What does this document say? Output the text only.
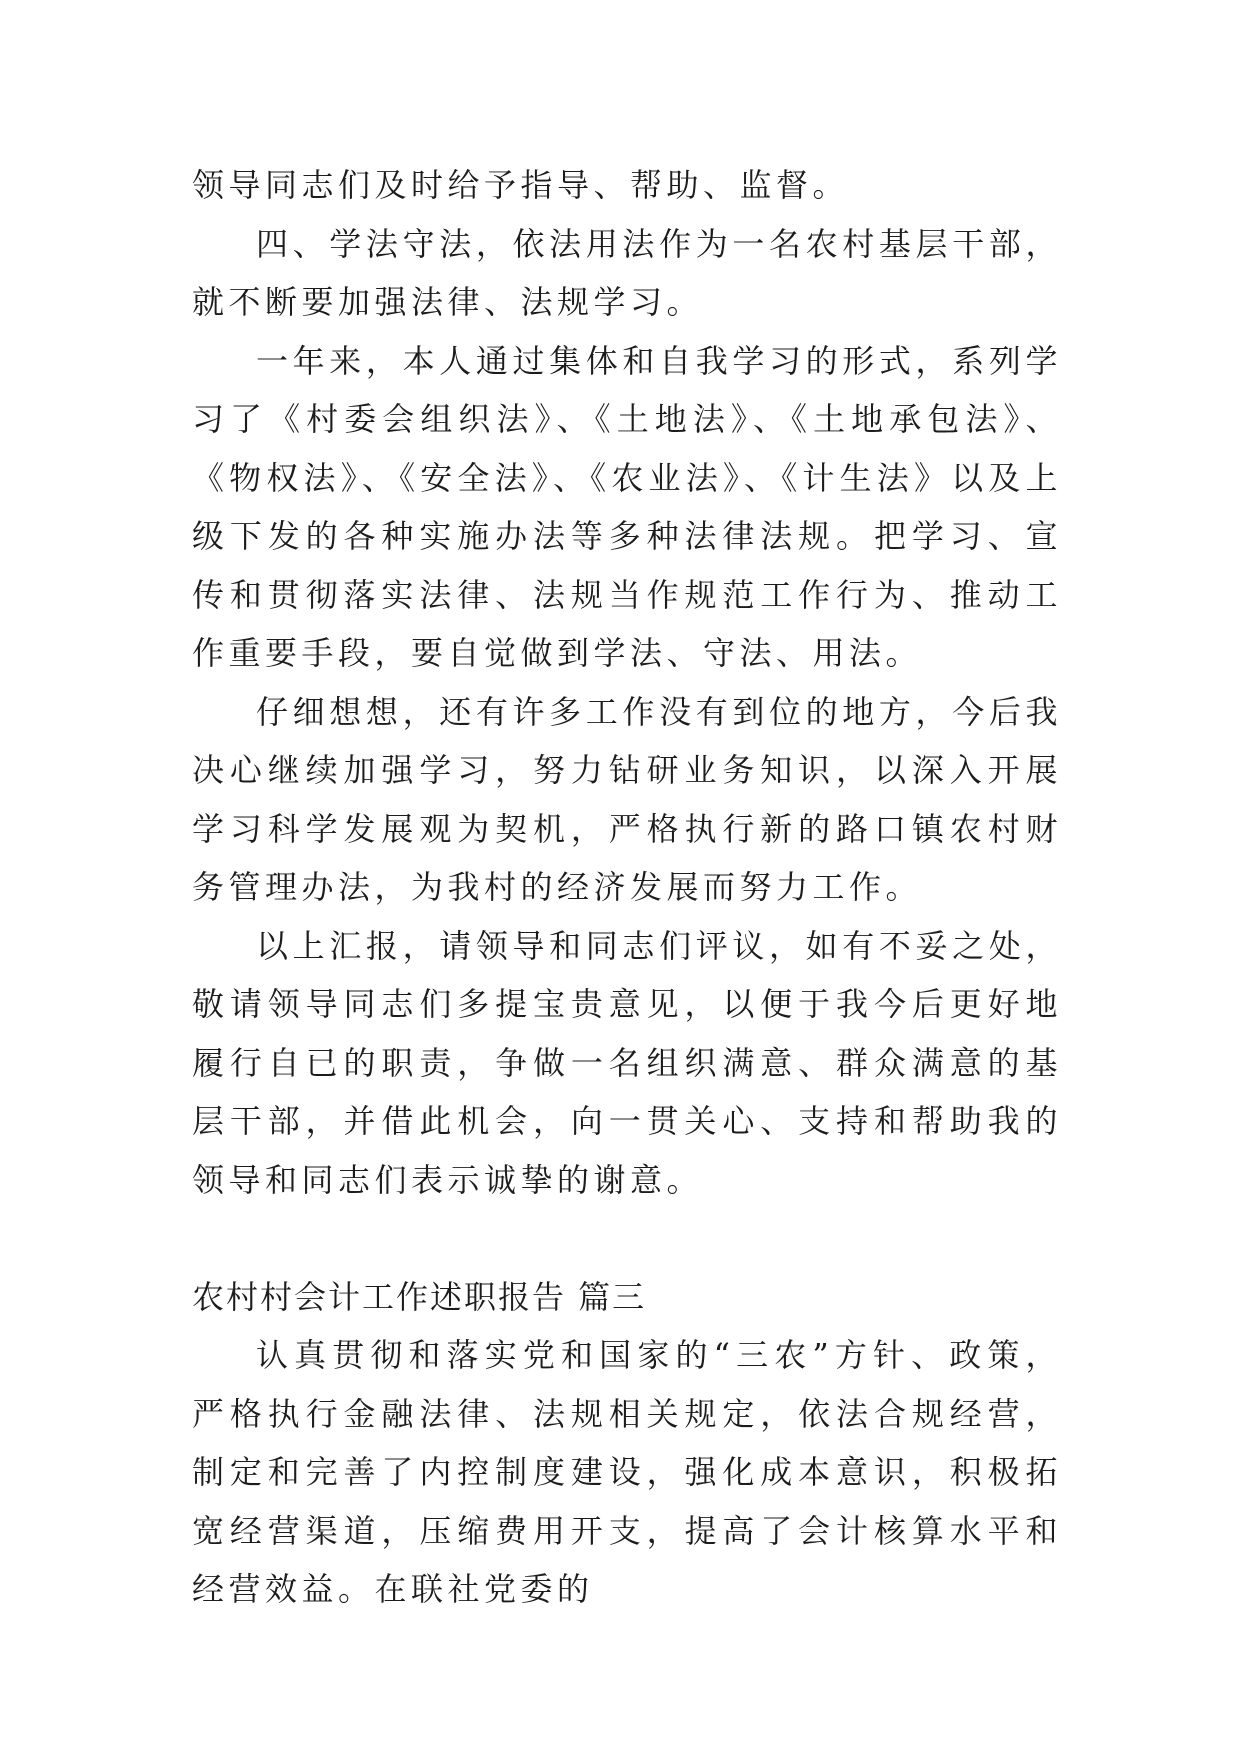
领导同志们及时给予指导、帮助、监督。

四、学法守法，依法用法作为一名农村基层干部，就不断要加强法律、法规学习。

一年来，本人通过集体和自我学习的形式，系列学习了《村委会组织法》、《土地法》、《土地承包法》、《物权法》、《安全法》、《农业法》、《计生法》以及上级下发的各种实施办法等多种法律法规。把学习、宣传和贯彻落实法律、法规当作规范工作行为、推动工作重要手段，要自觉做到学法、守法、用法。

仔细想想，还有许多工作没有到位的地方，今后我决心继续加强学习，努力钻研业务知识，以深入开展学习科学发展观为契机，严格执行新的路口镇农村财务管理办法，为我村的经济发展而努力工作。

以上汇报，请领导和同志们评议，如有不妥之处，敬请领导同志们多提宝贵意见，以便于我今后更好地履行自已的职责，争做一名组织满意、群众满意的基层干部，并借此机会，向一贯关心、支持和帮助我的领导和同志们表示诚挚的谢意。

农村村会计工作述职报告 篇三

认真贯彻和落实党和国家的“三农”方针、政策，严格执行金融法律、法规相关规定，依法合规经营，制定和完善了内控制度建设，强化成本意识，积极拓宽经营渠道，压缩费用开支，提高了会计核算水平和经营效益。在联社党委的
